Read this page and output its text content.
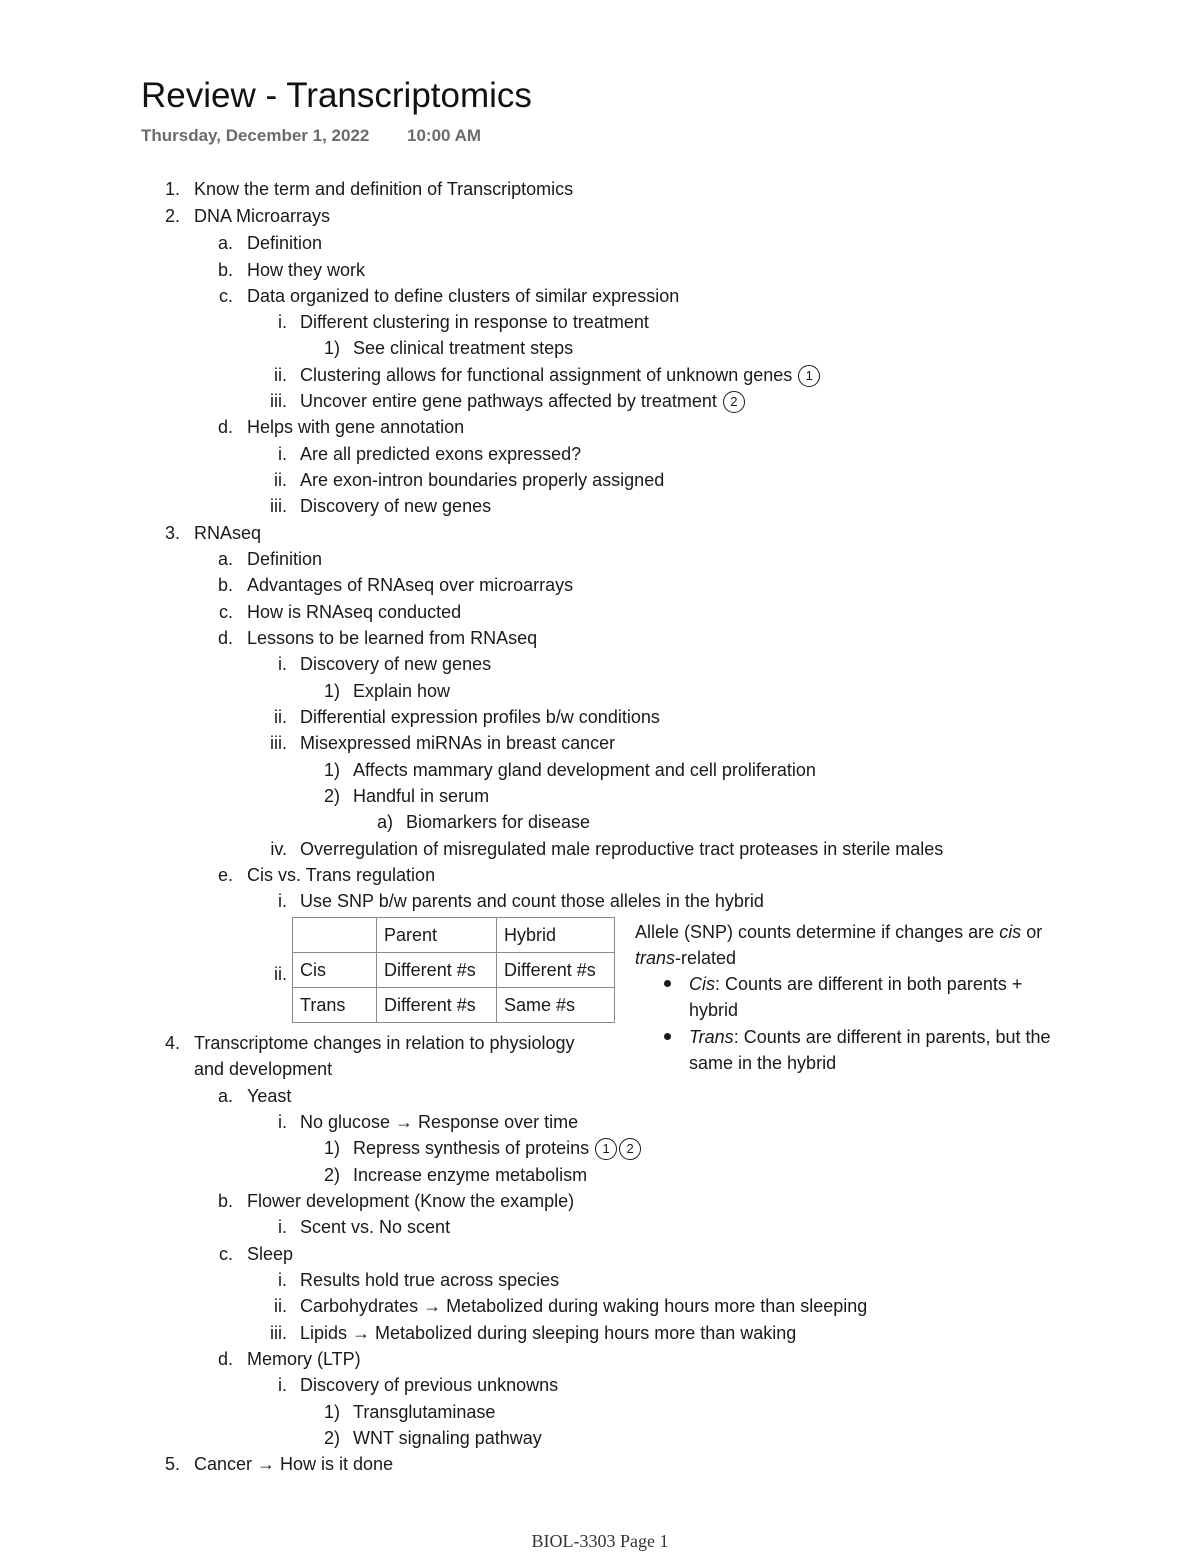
Review - Transcriptomics
Thursday, December 1, 2022 10:00 AM
1. Know the term and definition of Transcriptomics
2. DNA Microarrays
a. Definition
b. How they work
c. Data organized to define clusters of similar expression
i. Different clustering in response to treatment
1) See clinical treatment steps
ii. Clustering allows for functional assignment of unknown genes 1
iii. Uncover entire gene pathways affected by treatment 2
d. Helps with gene annotation
i. Are all predicted exons expressed?
ii. Are exon-intron boundaries properly assigned
iii. Discovery of new genes
3. RNAseq
a. Definition
b. Advantages of RNAseq over microarrays
c. How is RNAseq conducted
d. Lessons to be learned from RNAseq
i. Discovery of new genes
1) Explain how
ii. Differential expression profiles b/w conditions
iii. Misexpressed miRNAs in breast cancer
1) Affects mammary gland development and cell proliferation
2) Handful in serum
a) Biomarkers for disease
iv. Overregulation of misregulated male reproductive tract proteases in sterile males
e. Cis vs. Trans regulation
i. Use SNP b/w parents and count those alleles in the hybrid
ii.
4. Transcriptome changes in relation to physiology
and development
a. Yeast
i. No glucose → Response over time
1) Repress synthesis of proteins 1 2
2) Increase enzyme metabolism
b. Flower development (Know the example)
i. Scent vs. No scent
c. Sleep
i. Results hold true across species
ii. Carbohydrates → Metabolized during waking hours more than sleeping
iii. Lipids → Metabolized during sleeping hours more than waking
d. Memory (LTP)
i. Discovery of previous unknowns
1) Transglutaminase
2) WNT signaling pathway
5. Cancer → How is it done
	Parent	Hybrid
Cis	Different #s	Different #s
Trans	Different #s	Same #s
Allele (SNP) counts determine if changes are cis or
trans-related
Cis: Counts are different in both parents +
hybrid
Trans: Counts are different in parents, but the
same in the hybrid
BIOL-3303 Page 1
